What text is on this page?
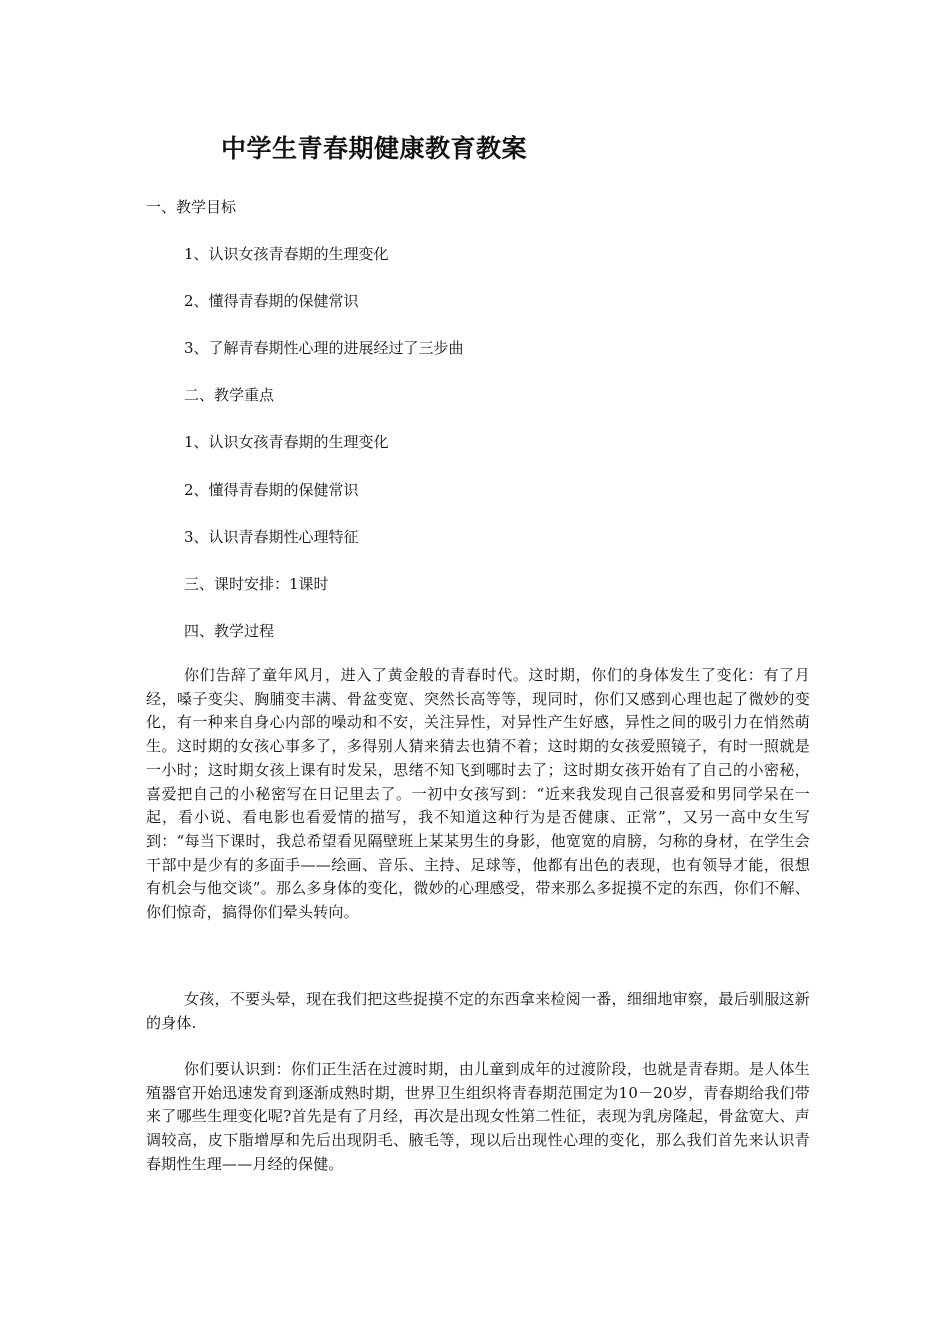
中学生青春期健康教育教案

一、教学目标

1、认识女孩青春期的生理变化

2、懂得青春期的保健常识

3、了解青春期性心理的进展经过了三步曲

二、教学重点

1、认识女孩青春期的生理变化

2、懂得青春期的保健常识

3、认识青春期性心理特征

三、课时安排：1课时

四、教学过程

你们告辞了童年风月，进入了黄金般的青春时代。这时期，你们的身体发生了变化：有了月经，嗓子变尖、胸脯变丰满、骨盆变宽、突然长高等等，现同时，你们又感到心理也起了微妙的变化，有一种来自身心内部的噪动和不安，关注异性，对异性产生好感，异性之间的吸引力在悄然萌生。这时期的女孩心事多了，多得别人猜来猜去也猜不着；这时期的女孩爱照镜子，有时一照就是一小时；这时期女孩上课有时发呆，思绪不知飞到哪时去了；这时期女孩开始有了自己的小密秘，喜爱把自己的小秘密写在日记里去了。一初中女孩写到：“近来我发现自己很喜爱和男同学呆在一起，看小说、看电影也看爱情的描写，我不知道这种行为是否健康、正常”，又另一高中女生写到：“每当下课时，我总希望看见隔壁班上某某男生的身影，他宽宽的肩膀，匀称的身材，在学生会干部中是少有的多面手——绘画、音乐、主持、足球等，他都有出色的表现，也有领导才能，很想有机会与他交谈”。那么多身体的变化，微妙的心理感受，带来那么多捉摸不定的东西，你们不解、你们惊奇，搞得你们晕头转向。

女孩，不要头晕，现在我们把这些捉摸不定的东西拿来检阅一番，细细地审察，最后驯服这新的身体.

你们要认识到：你们正生活在过渡时期，由儿童到成年的过渡阶段，也就是青春期。是人体生殖器官开始迅速发育到逐渐成熟时期，世界卫生组织将青春期范围定为10－20岁，青春期给我们带来了哪些生理变化呢?首先是有了月经，再次是出现女性第二性征，表现为乳房隆起，骨盆宽大、声调较高，皮下脂增厚和先后出现阴毛、腋毛等，现以后出现性心理的变化，那么我们首先来认识青春期性生理——月经的保健。
